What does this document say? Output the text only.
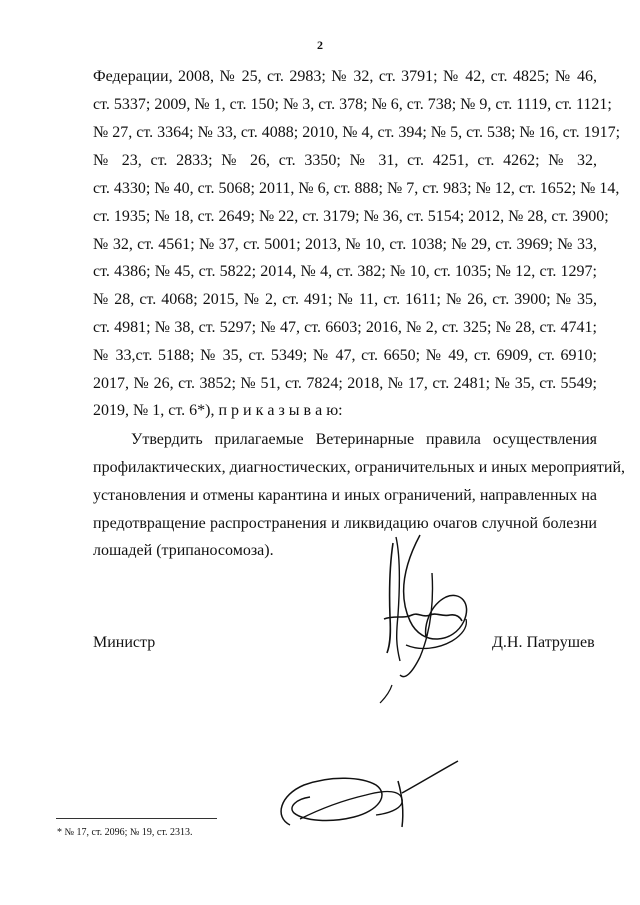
2
Федерации, 2008, № 25, ст. 2983; № 32, ст. 3791; № 42, ст. 4825; № 46,
ст. 5337; 2009, № 1, ст. 150; № 3, ст. 378; № 6, ст. 738; № 9, ст. 1119, ст. 1121;
№ 27, ст. 3364; № 33, ст. 4088; 2010, № 4, ст. 394; № 5, ст. 538; № 16, ст. 1917;
№ 23, ст. 2833; № 26, ст. 3350; № 31, ст. 4251, ст. 4262; № 32,
ст. 4330; № 40, ст. 5068; 2011, № 6, ст. 888; № 7, ст. 983; № 12, ст. 1652; № 14,
ст. 1935; № 18, ст. 2649; № 22, ст. 3179; № 36, ст. 5154; 2012, № 28, ст. 3900;
№ 32, ст. 4561; № 37, ст. 5001; 2013, № 10, ст. 1038; № 29, ст. 3969; № 33,
ст. 4386; № 45, ст. 5822; 2014, № 4, ст. 382; № 10, ст. 1035; № 12, ст. 1297;
№ 28, ст. 4068; 2015, № 2, ст. 491; № 11, ст. 1611; № 26, ст. 3900; № 35,
ст. 4981; № 38, ст. 5297; № 47, ст. 6603; 2016, № 2, ст. 325; № 28, ст. 4741;
№ 33,ст. 5188; № 35, ст. 5349; № 47, ст. 6650; № 49, ст. 6909, ст. 6910;
2017, № 26, ст. 3852; № 51, ст. 7824; 2018, № 17, ст. 2481; № 35, ст. 5549;
2019, № 1, ст. 6*), п р и к а з ы в а ю:
Утвердить прилагаемые Ветеринарные правила осуществления
профилактических, диагностических, ограничительных и иных мероприятий,
установления и отмены карантина и иных ограничений, направленных на
предотвращение распространения и ликвидацию очагов случной болезни
лошадей (трипаносомоза).
Министр	Д.Н. Патрушев
* № 17, ст. 2096; № 19, ст. 2313.
